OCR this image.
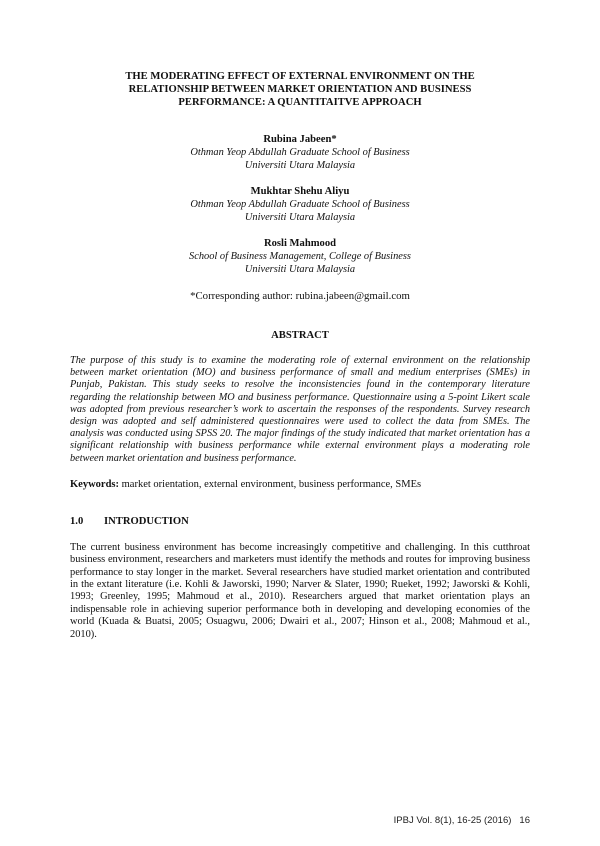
THE MODERATING EFFECT OF EXTERNAL ENVIRONMENT ON THE RELATIONSHIP BETWEEN MARKET ORIENTATION AND BUSINESS PERFORMANCE: A QUANTITAITVE APPROACH
Rubina Jabeen*
Othman Yeop Abdullah Graduate School of Business
Universiti Utara Malaysia
Mukhtar Shehu Aliyu
Othman Yeop Abdullah Graduate School of Business
Universiti Utara Malaysia
Rosli Mahmood
School of Business Management, College of Business
Universiti Utara Malaysia
*Corresponding author: rubina.jabeen@gmail.com
ABSTRACT
The purpose of this study is to examine the moderating role of external environment on the relationship between market orientation (MO) and business performance of small and medium enterprises (SMEs) in Punjab, Pakistan. This study seeks to resolve the inconsistencies found in the contemporary literature regarding the relationship between MO and business performance. Questionnaire using a 5-point Likert scale was adopted from previous researcher’s work to ascertain the responses of the respondents. Survey research design was adopted and self administered questionnaires were used to collect the data from SMEs. The analysis was conducted using SPSS 20. The major findings of the study indicated that market orientation has a significant relationship with business performance while external environment plays a moderating role between market orientation and business performance.
Keywords: market orientation, external environment, business performance, SMEs
1.0 INTRODUCTION
The current business environment has become increasingly competitive and challenging. In this cutthroat business environment, researchers and marketers must identify the methods and routes for improving business performance to stay longer in the market. Several researchers have studied market orientation and contributed in the extant literature (i.e. Kohli & Jaworski, 1990; Narver & Slater, 1990; Rueket, 1992; Jaworski & Kohli, 1993; Greenley, 1995; Mahmoud et al., 2010). Researchers argued that market orientation plays an indispensable role in achieving superior performance both in developing and developing economies of the world (Kuada & Buatsi, 2005; Osuagwu, 2006; Dwairi et al., 2007; Hinson et al., 2008; Mahmoud et al., 2010).
IPBJ Vol. 8(1), 16-25 (2016) 16
